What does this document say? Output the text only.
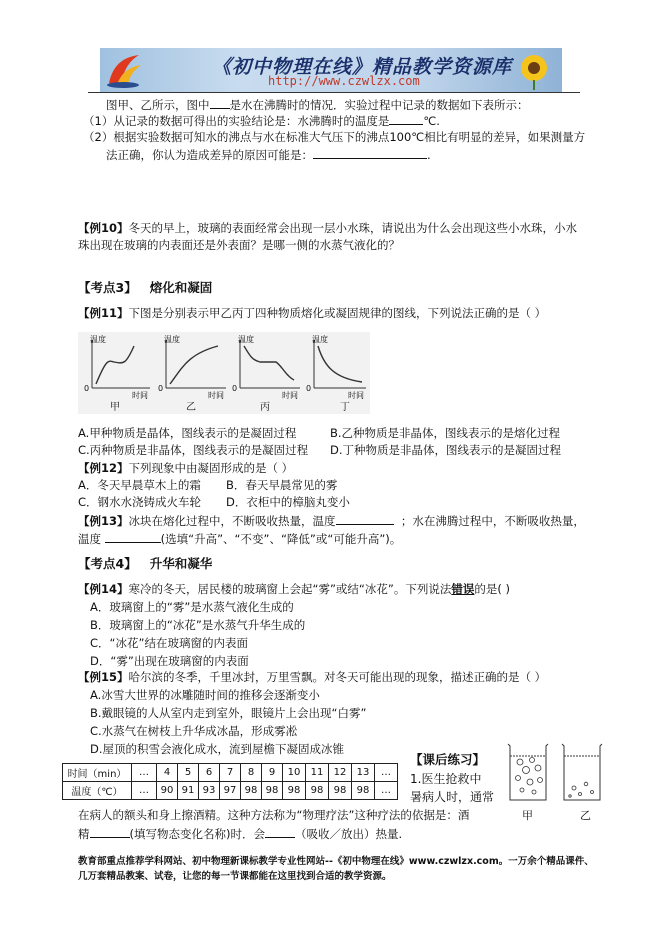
《初中物理在线》精品教学资源库
http://www.czwlzx.com
图甲、乙所示，图中 是水在沸腾时的情况．实验过程中记录的数据如下表所示：
（1）从记录的数据可得出的实验结论是：水沸腾时的温度是	℃.
（2）根据实验数据可知水的沸点与水在标准大气压下的沸点100℃相比有明显的差异，如果测量方
法正确，你认为造成差异的原因可能是：	.
【例10】冬天的早上，玻璃的表面经常会出现一层小水珠，请说出为什么会出现这些小水珠，小水
珠出现在玻璃的内表面还是外表面？是哪一侧的水蒸气液化的？
【考点3】 熔化和凝固
【例11】下图是分别表示甲乙丙丁四种物质熔化或凝固规律的图线，下列说法正确的是（ ）
温度
0
时间
甲
温度
0
时间
乙
温度
0
时间
丙
温度
0
时间
丁
A.甲种物质是晶体，图线表示的是凝固过程	B.乙种物质是非晶体，图线表示的是熔化过程
C.丙种物质是非晶体，图线表示的是凝固过程 D.丁种物质是非晶体，图线表示的是凝固过程
【例12】下列现象中由凝固形成的是（ ）
A．冬天早晨草木上的霜 B．春天早晨常见的雾
C．钢水水浇铸成火车轮 D．衣柜中的樟脑丸变小
【例13】冰块在熔化过程中，不断吸收热量，温度	；水在沸腾过程中，不断吸收热量，
温度	(选填“升高”、“不变”、“降低”或“可能升高”)。
【考点4】 升华和凝华
【例14】寒冷的冬天，居民楼的玻璃窗上会起“雾”或结“冰花”。下列说法错误的是( )
A．玻璃窗上的“雾”是水蒸气液化生成的
B．玻璃窗上的“冰花”是水蒸气升华生成的
C．“冰花”结在玻璃窗的内表面
D．“雾”出现在玻璃窗的内表面
【例15】哈尔滨的冬季，千里冰封，万里雪飘。对冬天可能出现的现象，描述正确的是（ ）
A.冰雪大世界的冰雕随时间的推移会逐渐变小
B.戴眼镜的人从室内走到室外，眼镜片上会出现“白雾”
C.水蒸气在树枝上升华成冰晶，形成雾凇
D.屋顶的积雪会液化成水，流到屋檐下凝固成冰锥
【课后练习】
时间（min）	…	4	5	6	7	8	9	10	11	12	13	…
温度（℃）	…	90	91	93	97	98	98	98	98	98	98	…
甲	乙
1.医生抢救中
暑病人时，通常
在病人的额头和身上擦酒精。这种方法称为“物理疗法”这种疗法的依据是：酒
精	(填写物态变化名称)时．会	（吸收／放出）热量.
教育部重点推荐学科网站、初中物理新课标教学专业性网站--《初中物理在线》www.czwlzx.com。一万余个精品课件、
几万套精品教案、试卷，让您的每一节课都能在这里找到合适的教学资源。
